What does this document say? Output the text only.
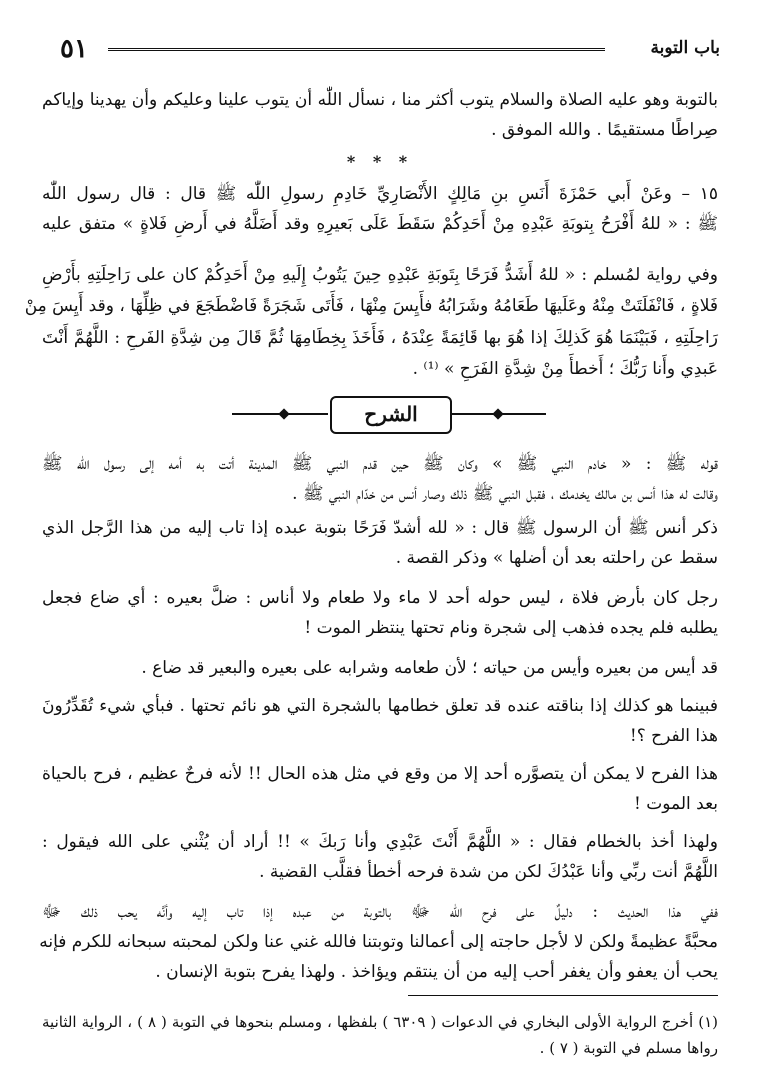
باب التوبة
٥١
بالتوبة وهو عليه الصلاة والسلام يتوب أكثر منا ، نسأل اللّٰه أن يتوب علينا وعليكم وأن يهدينا وإياكم
صِراطًا مستقيمًا . والله الموفق .
* * *
١٥ – وعَنْ أَبي حَمْزَةَ أَنَسِ بنِ مَالِكٍ الأَنْصَارِيِّ خَادِمِ رسولِ اللّٰه ﷺ قال : قال رسول اللّٰه
ﷺ : « للهُ أَفْرَحُ بِتوبَةِ عَبْدِهِ مِنْ أَحَدِكُمْ سَقَطَ عَلَى بَعيرِهِ وقد أَضَلَّهُ في أَرضِ فَلاةٍ » متفق عليه
وفي رواية لمُسلم : « للهُ أَشَدُّ فَرَحًا بِتَوبَةِ عَبْدِهِ حِينَ يَتُوبُ إِلَيهِ مِنْ أَحَدِكُمْ كان على رَاحِلَتِهِ بأَرْضِ
فَلاةٍ ، فَانْفَلَتَتْ مِنْهُ وعَلَيهَا طَعَامُهُ وشَرَابُهُ فأَيِسَ مِنْهَا ، فَأَتَى شَجَرَةً فَاضْطَجَعَ في ظِلِّهَا ، وقد أَيِسَ مِنْ
رَاحِلَتِهِ ، فَبَيْنَمَا هُوَ كَذلِكَ إذا هُوَ بها قَائِمَةً عِنْدَهُ ، فَأَخَذَ بِخِطَامِهَا ثُمَّ قَالَ مِن شِدَّةِ الفَرحِ : اللَّهُمَّ أَنْتَ
عَبدِي وأَنا رَبُّكَ ؛ أَخطأَ مِنْ شِدَّةِ الفَرَحِ » ⁽¹⁾ .
الشرح
قوله ﷺ : « خادم النبي ﷺ » وكان ﷺ حين قدم النبي ﷺ المدينة أتت به أمه إلى رسول الله ﷺ
وقالت له هذا أنس بن مالك يخدمك ، فقبل النبي ﷺ ذلك وصار أنس من خدّام النبي ﷺ .
ذكر أنس ﷺ أن الرسول ﷺ قال : « لله أشدّ فَرَحًا بتوبة عبده إذا تاب إليه من هذا الرَّجل الذي
سقط عن راحلته بعد أن أضلها » وذكر القصة .
رجل كان بأرض فلاة ، ليس حوله أحد لا ماء ولا طعام ولا أناس : ضلَّ بعيره : أي ضاع فجعل
يطلبه فلم يجده فذهب إلى شجرة ونام تحتها ينتظر الموت !
قد أيس من بعيره وأيس من حياته ؛ لأن طعامه وشرابه على بعيره والبعير قد ضاع .
فبينما هو كذلك إذا بناقته عنده قد تعلق خطامها بالشجرة التي هو نائم تحتها . فبأي شيء تُقَدِّرُونَ
هذا الفرح ؟!
هذا الفرح لا يمكن أن يتصوَّره أحد إلا من وقع في مثل هذه الحال !! لأنه فرحٌ عظيم ، فرح بالحياة
بعد الموت !
ولهذا أخذ بالخطام فقال : « اللَّهُمَّ أَنْتَ عَبْدِي وأنا رَبكَ » !! أراد أن يُثْني على الله فيقول :
اللَّهُمَّ أنت ربِّي وأنا عَبْدُكَ لكن من شدة فرحه أخطأ فقلَّب القضية .
ففي هذا الحديث : دليلٌ على فرح الله ﷻ بالتوبة من عبده إذا تاب إليه وأنَّه يحب ذلك ﷻ
محبَّةً عظيمةً ولكن لا لأجل حاجته إلى أعمالنا وتوبتنا فالله غني عنا ولكن لمحبته سبحانه للكرم فإنه
يحب أن يعفو وأن يغفر أحب إليه من أن ينتقم ويؤاخذ . ولهذا يفرح بتوبة الإنسان .
(١) أخرج الرواية الأولى البخاري في الدعوات ( ٦٣٠٩ ) بلفظها ، ومسلم بنحوها في التوبة ( ٨ ) ، الرواية الثانية
رواها مسلم في التوبة ( ٧ ) .
